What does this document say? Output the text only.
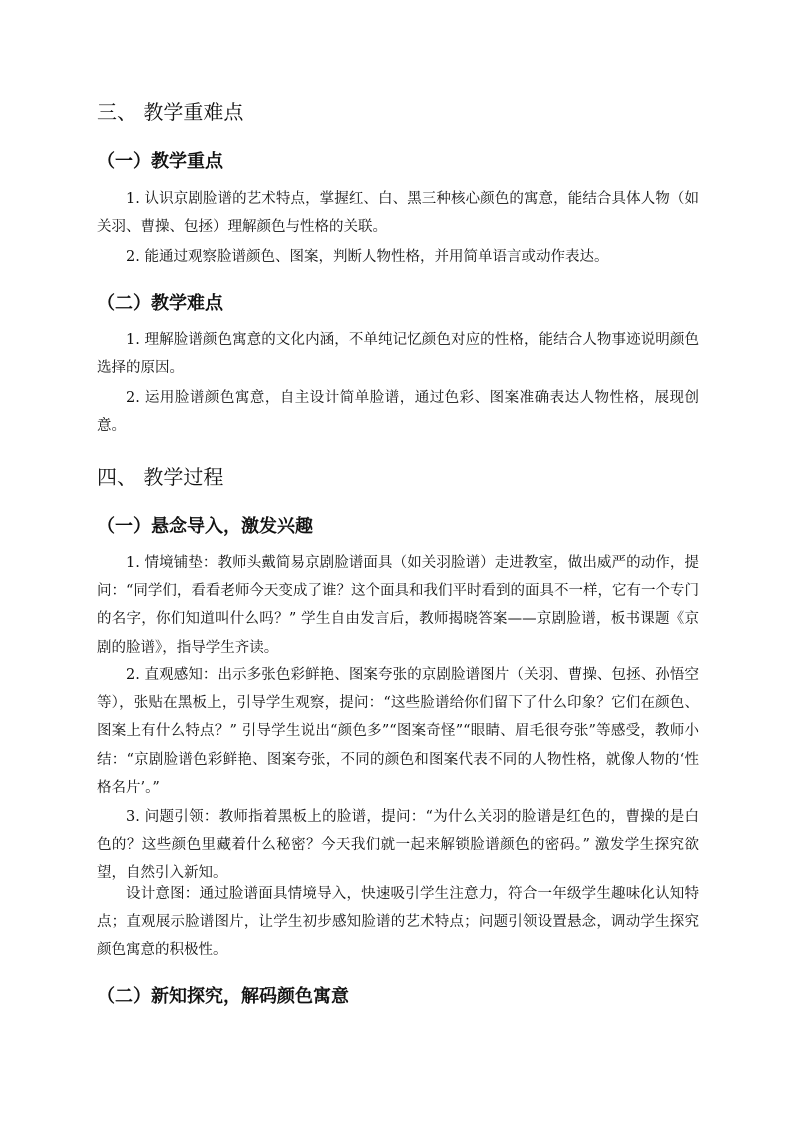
三、 教学重难点
（一）教学重点

1. 认识京剧脸谱的艺术特点，掌握红、白、黑三种核心颜色的寓意，能结合具体人物（如关羽、曹操、包拯）理解颜色与性格的关联。

2. 能通过观察脸谱颜色、图案，判断人物性格，并用简单语言或动作表达。

（二）教学难点

1. 理解脸谱颜色寓意的文化内涵，不单纯记忆颜色对应的性格，能结合人物事迹说明颜色选择的原因。

2. 运用脸谱颜色寓意，自主设计简单脸谱，通过色彩、图案准确表达人物性格，展现创意。

四、 教学过程
（一）悬念导入，激发兴趣

1. 情境铺垫：教师头戴简易京剧脸谱面具（如关羽脸谱）走进教室，做出威严的动作，提问：“同学们，看看老师今天变成了谁？这个面具和我们平时看到的面具不一样，它有一个专门的名字，你们知道叫什么吗？” 学生自由发言后，教师揭晓答案——京剧脸谱，板书课题《京剧的脸谱》，指导学生齐读。

2. 直观感知：出示多张色彩鲜艳、图案夸张的京剧脸谱图片（关羽、曹操、包拯、孙悟空等），张贴在黑板上，引导学生观察，提问：“这些脸谱给你们留下了什么印象？它们在颜色、图案上有什么特点？” 引导学生说出“颜色多”“图案奇怪”“眼睛、眉毛很夸张”等感受，教师小结：“京剧脸谱色彩鲜艳、图案夸张，不同的颜色和图案代表不同的人物性格，就像人物的‘性格名片’。”

3. 问题引领：教师指着黑板上的脸谱，提问：“为什么关羽的脸谱是红色的，曹操的是白色的？这些颜色里藏着什么秘密？今天我们就一起来解锁脸谱颜色的密码。” 激发学生探究欲望，自然引入新知。

设计意图：通过脸谱面具情境导入，快速吸引学生注意力，符合一年级学生趣味化认知特点；直观展示脸谱图片，让学生初步感知脸谱的艺术特点；问题引领设置悬念，调动学生探究颜色寓意的积极性。

（二）新知探究，解码颜色寓意
